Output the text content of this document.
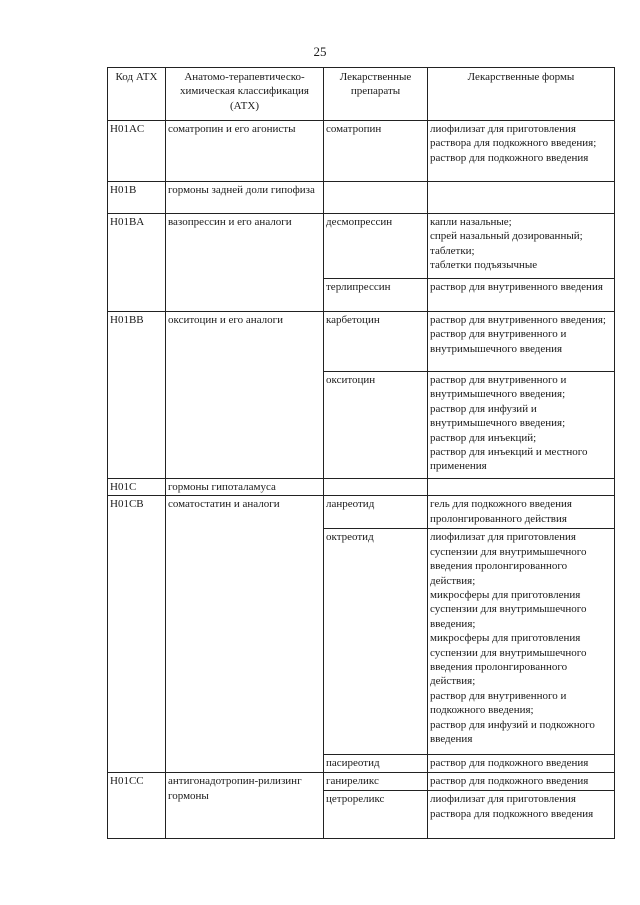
25
Код АТХ	Анатомо-терапевтическо-химическая классификация (АТХ)	Лекарственные препараты	Лекарственные формы
H01AC	соматропин и его агонисты	соматропин	лиофилизат для приготовления раствора для подкожного введения;
раствор для подкожного введения
H01B	гормоны задней доли гипофиза		
H01BA	вазопрессин и его аналоги	десмопрессин	капли назальные;
спрей назальный дозированный;
таблетки;
таблетки подъязычные
		терлипрессин	раствор для внутривенного введения
H01BB	окситоцин и его аналоги	карбетоцин	раствор для внутривенного введения;
раствор для внутривенного и внутримышечного введения
		окситоцин	раствор для внутривенного и внутримышечного введения;
раствор для инфузий и внутримышечного введения;
раствор для инъекций;
раствор для инъекций и местного применения
H01C	гормоны гипоталамуса		
H01CB	соматостатин и аналоги	ланреотид	гель для подкожного введения пролонгированного действия
		октреотид	лиофилизат для приготовления суспензии для внутримышечного введения пролонгированного действия;
микросферы для приготовления суспензии для внутримышечного введения;
микросферы для приготовления суспензии для внутримышечного введения пролонгированного действия;
раствор для внутривенного и подкожного введения;
раствор для инфузий и подкожного введения
		пасиреотид	раствор для подкожного введения
H01CC	антигонадотропин-рилизинг гормоны	ганиреликс	раствор для подкожного введения
		цетрореликс	лиофилизат для приготовления раствора для подкожного введения
